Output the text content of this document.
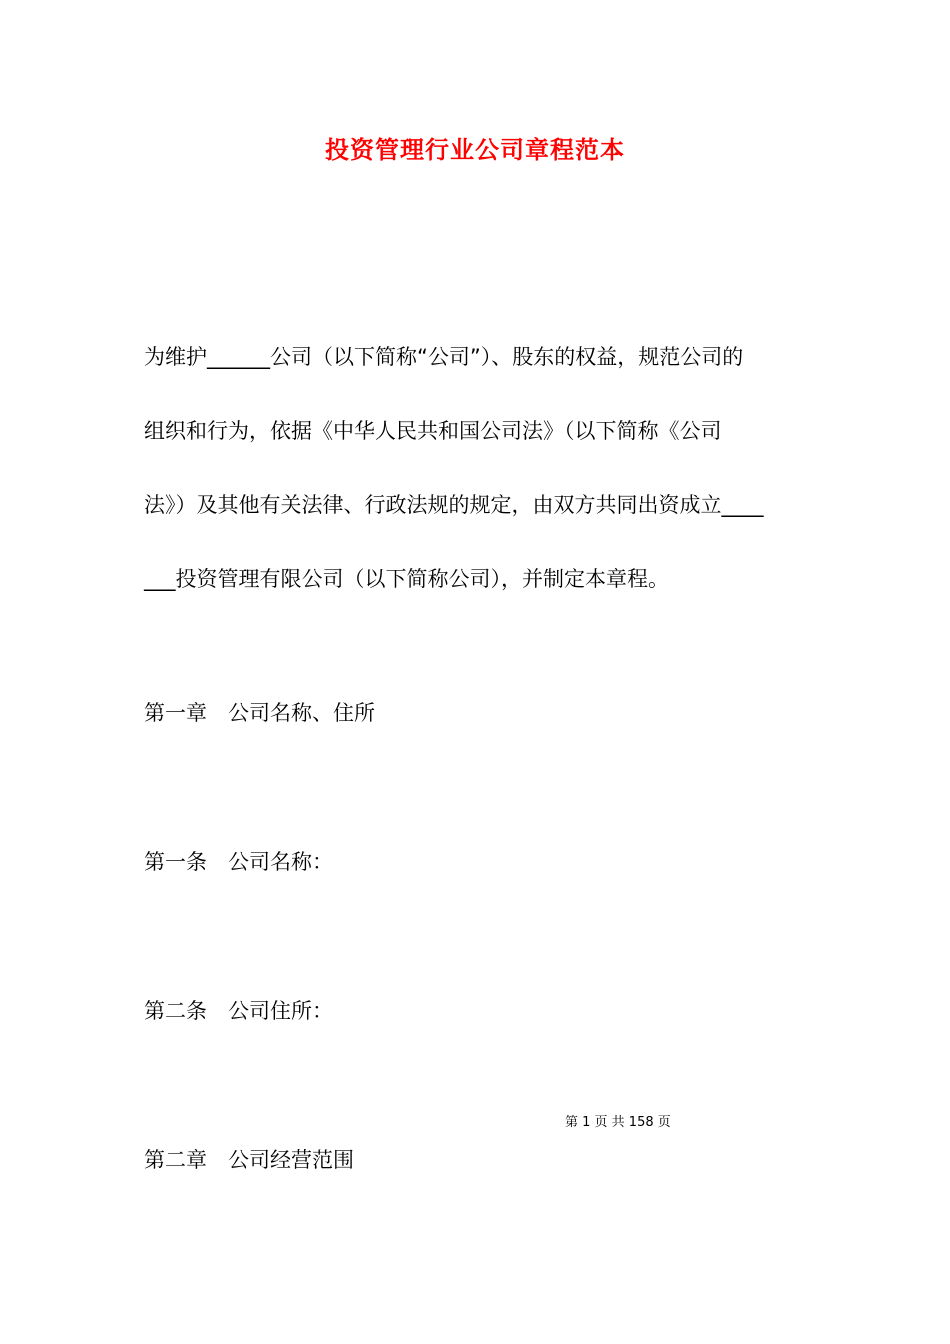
投资管理行业公司章程范本
为维护______公司（以下简称“公司”）、股东的权益，规范公司的
组织和行为，依据《中华人民共和国公司法》（以下简称《公司
法》）及其他有关法律、行政法规的规定，由双方共同出资成立____
___投资管理有限公司（以下简称公司），并制定本章程。
第一章　公司名称、住所
第一条　公司名称：
第二条　公司住所：
第 1 页 共 158 页
第二章　公司经营范围
